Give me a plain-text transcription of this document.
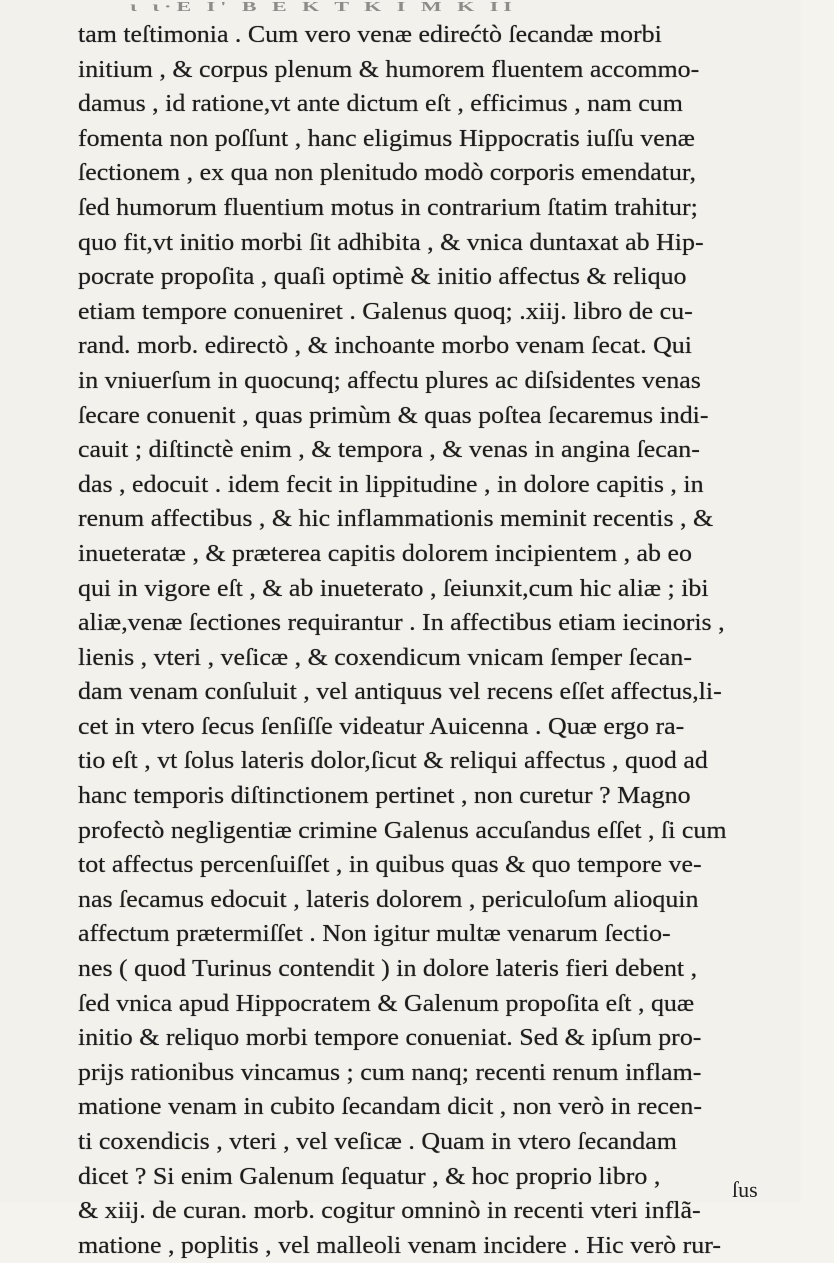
ι ι·Ε Ι' Β Ε Κ Τ Κ Ι Μ Κ ΙΙ
tam teſtimonia . Cum vero venæ edirećtò ſecandæ morbi
initium , & corpus plenum & humorem fluentem accommo-
damus , id ratione,vt ante dictum eſt , efficimus , nam cum
fomenta non poſſunt , hanc eligimus Hippocratis iuſſu venæ
ſectionem , ex qua non plenitudo modò corporis emendatur,
ſed humorum fluentium motus in contrarium ſtatim trahitur;
quo fit,vt initio morbi ſit adhibita , & vnica duntaxat ab Hip-
pocrate propoſita , quaſi optimè & initio affectus & reliquo
etiam tempore conueniret . Galenus quoq; .xiij. libro de cu-
rand. morb. edirectò , & inchoante morbo venam ſecat. Qui
in vniuerſum in quocunq; affectu plures ac diſsidentes venas
ſecare conuenit , quas primùm & quas poſtea ſecaremus indi-
cauit ; diſtinctè enim , & tempora , & venas in angina ſecan-
das , edocuit . idem fecit in lippitudine , in dolore capitis , in
renum affectibus , & hic inflammationis meminit recentis , &
inueteratæ , & præterea capitis dolorem incipientem , ab eo
qui in vigore eſt , & ab inueterato , ſeiunxit,cum hic aliæ ; ibi
aliæ,venæ ſectiones requirantur . In affectibus etiam iecinoris ,
lienis , vteri , veſicæ , & coxendicum vnicam ſemper ſecan-
dam venam conſuluit , vel antiquus vel recens eſſet affectus,li-
cet in vtero ſecus ſenſiſſe videatur Auicenna . Quæ ergo ra-
tio eſt , vt ſolus lateris dolor,ſicut & reliqui affectus , quod ad
hanc temporis diſtinctionem pertinet , non curetur ? Magno
profectò negligentiæ crimine Galenus accuſandus eſſet , ſi cum
tot affectus percenſuiſſet , in quibus quas & quo tempore ve-
nas ſecamus edocuit , lateris dolorem , periculoſum alioquin
affectum prætermiſſet . Non igitur multæ venarum ſectio-
nes ( quod Turinus contendit ) in dolore lateris fieri debent ,
ſed vnica apud Hippocratem & Galenum propoſita eſt , quæ
initio & reliquo morbi tempore conueniat. Sed & ipſum pro-
prijs rationibus vincamus ; cum nanq; recenti renum inflam-
matione venam in cubito ſecandam dicit , non verò in recen-
ti coxendicis , vteri , vel veſicæ . Quam in vtero ſecandam
dicet ? Si enim Galenum ſequatur , & hoc proprio libro ,
& xiij. de curan. morb. cogitur omninò in recenti vteri inflã-
matione , poplitis , vel malleoli venam incidere . Hic verò rur-
ſus
